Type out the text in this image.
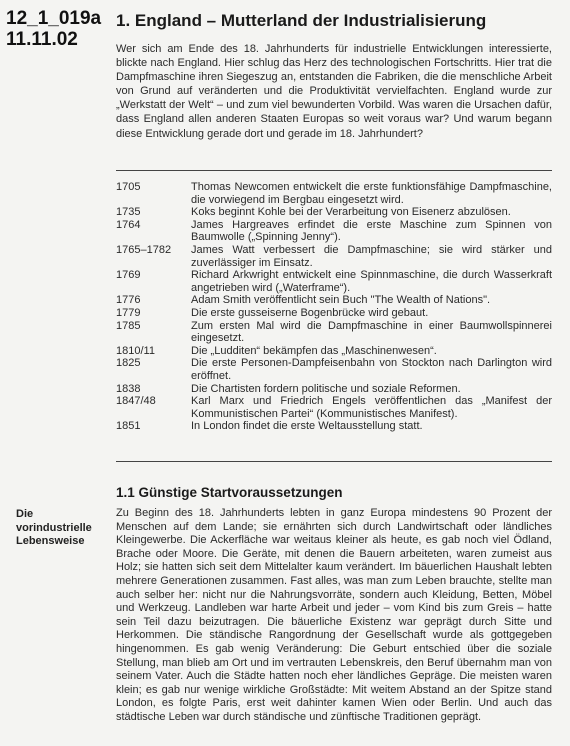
12_1_019a
11.11.02
1. England – Mutterland der Industrialisierung

Wer sich am Ende des 18. Jahrhunderts für industrielle Entwicklungen interessierte, blickte nach England. Hier schlug das Herz des technologischen Fortschritts. Hier trat die Dampfmaschine ihren Siegeszug an, entstanden die Fabriken, die die menschliche Arbeit von Grund auf veränderten und die Produktivität vervielfachten. England wurde zur „Werkstatt der Welt“ – und zum viel bewunderten Vorbild. Was waren die Ursachen dafür, dass England allen anderen Staaten Europas so weit voraus war? Und warum begann diese Entwicklung gerade dort und gerade im 18. Jahrhundert?

1705	Thomas Newcomen entwickelt die erste funktionsfähige Dampfmaschine, die vorwiegend im Bergbau eingesetzt wird.
1735	Koks beginnt Kohle bei der Verarbeitung von Eisenerz abzulösen.
1764	James Hargreaves erfindet die erste Maschine zum Spinnen von Baumwolle („Spinning Jenny“).
1765–1782	James Watt verbessert die Dampfmaschine; sie wird stärker und zuverlässiger im Einsatz.
1769	Richard Arkwright entwickelt eine Spinnmaschine, die durch Wasserkraft angetrieben wird („Waterframe“).
1776	Adam Smith veröffentlicht sein Buch "The Wealth of Nations".
1779	Die erste gusseiserne Bogenbrücke wird gebaut.
1785	Zum ersten Mal wird die Dampfmaschine in einer Baumwollspinnerei eingesetzt.
1810/11	Die „Ludditen“ bekämpfen das „Maschinenwesen“.
1825	Die erste Personen-Dampfeisenbahn von Stockton nach Darlington wird eröffnet.
1838	Die Chartisten fordern politische und soziale Reformen.
1847/48	Karl Marx und Friedrich Engels veröffentlichen das „Manifest der Kommunistischen Partei“ (Kommunistisches Manifest).
1851	In London findet die erste Weltausstellung statt.
1.1 Günstige Startvoraussetzungen

Die vorindustrielle Lebensweise

Zu Beginn des 18. Jahrhunderts lebten in ganz Europa mindestens 90 Prozent der Menschen auf dem Lande; sie ernährten sich durch Landwirtschaft oder ländliches Kleingewerbe. Die Ackerfläche war weitaus kleiner als heute, es gab noch viel Ödland, Brache oder Moore. Die Geräte, mit denen die Bauern arbeiteten, waren zumeist aus Holz; sie hatten sich seit dem Mittelalter kaum verändert. Im bäuerlichen Haushalt lebten mehrere Generationen zusammen. Fast alles, was man zum Leben brauchte, stellte man auch selber her: nicht nur die Nahrungsvorräte, sondern auch Kleidung, Betten, Möbel und Werkzeug. Landleben war harte Arbeit und jeder – vom Kind bis zum Greis – hatte sein Teil dazu beizutragen. Die bäuerliche Existenz war geprägt durch Sitte und Herkommen. Die ständische Rangordnung der Gesellschaft wurde als gottgegeben hingenommen. Es gab wenig Veränderung: Die Geburt entschied über die soziale Stellung, man blieb am Ort und im vertrauten Lebenskreis, den Beruf übernahm man von seinem Vater. Auch die Städte hatten noch eher ländliches Gepräge. Die meisten waren klein; es gab nur wenige wirkliche Großstädte: Mit weitem Abstand an der Spitze stand London, es folgte Paris, erst weit dahinter kamen Wien oder Berlin. Und auch das städtische Leben war durch ständische und zünftische Traditionen geprägt.
